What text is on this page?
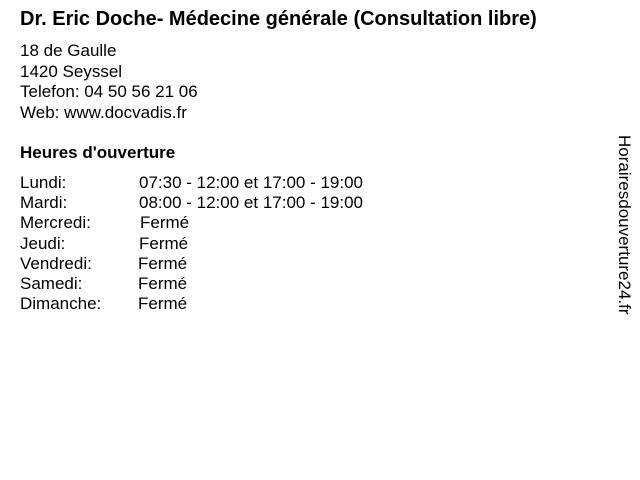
Dr. Eric Doche- Médecine générale (Consultation libre)
18 de Gaulle
1420 Seyssel
Telefon: 04 50 56 21 06
Web: www.docvadis.fr
Heures d'ouverture
Lundi:	07:30 - 12:00 et 17:00 - 19:00
Mardi:	08:00 - 12:00 et 17:00 - 19:00
Mercredi:	Fermé
Jeudi:	Fermé
Vendredi:	Fermé
Samedi:	Fermé
Dimanche:	Fermé	Horairesdouverture24.fr
